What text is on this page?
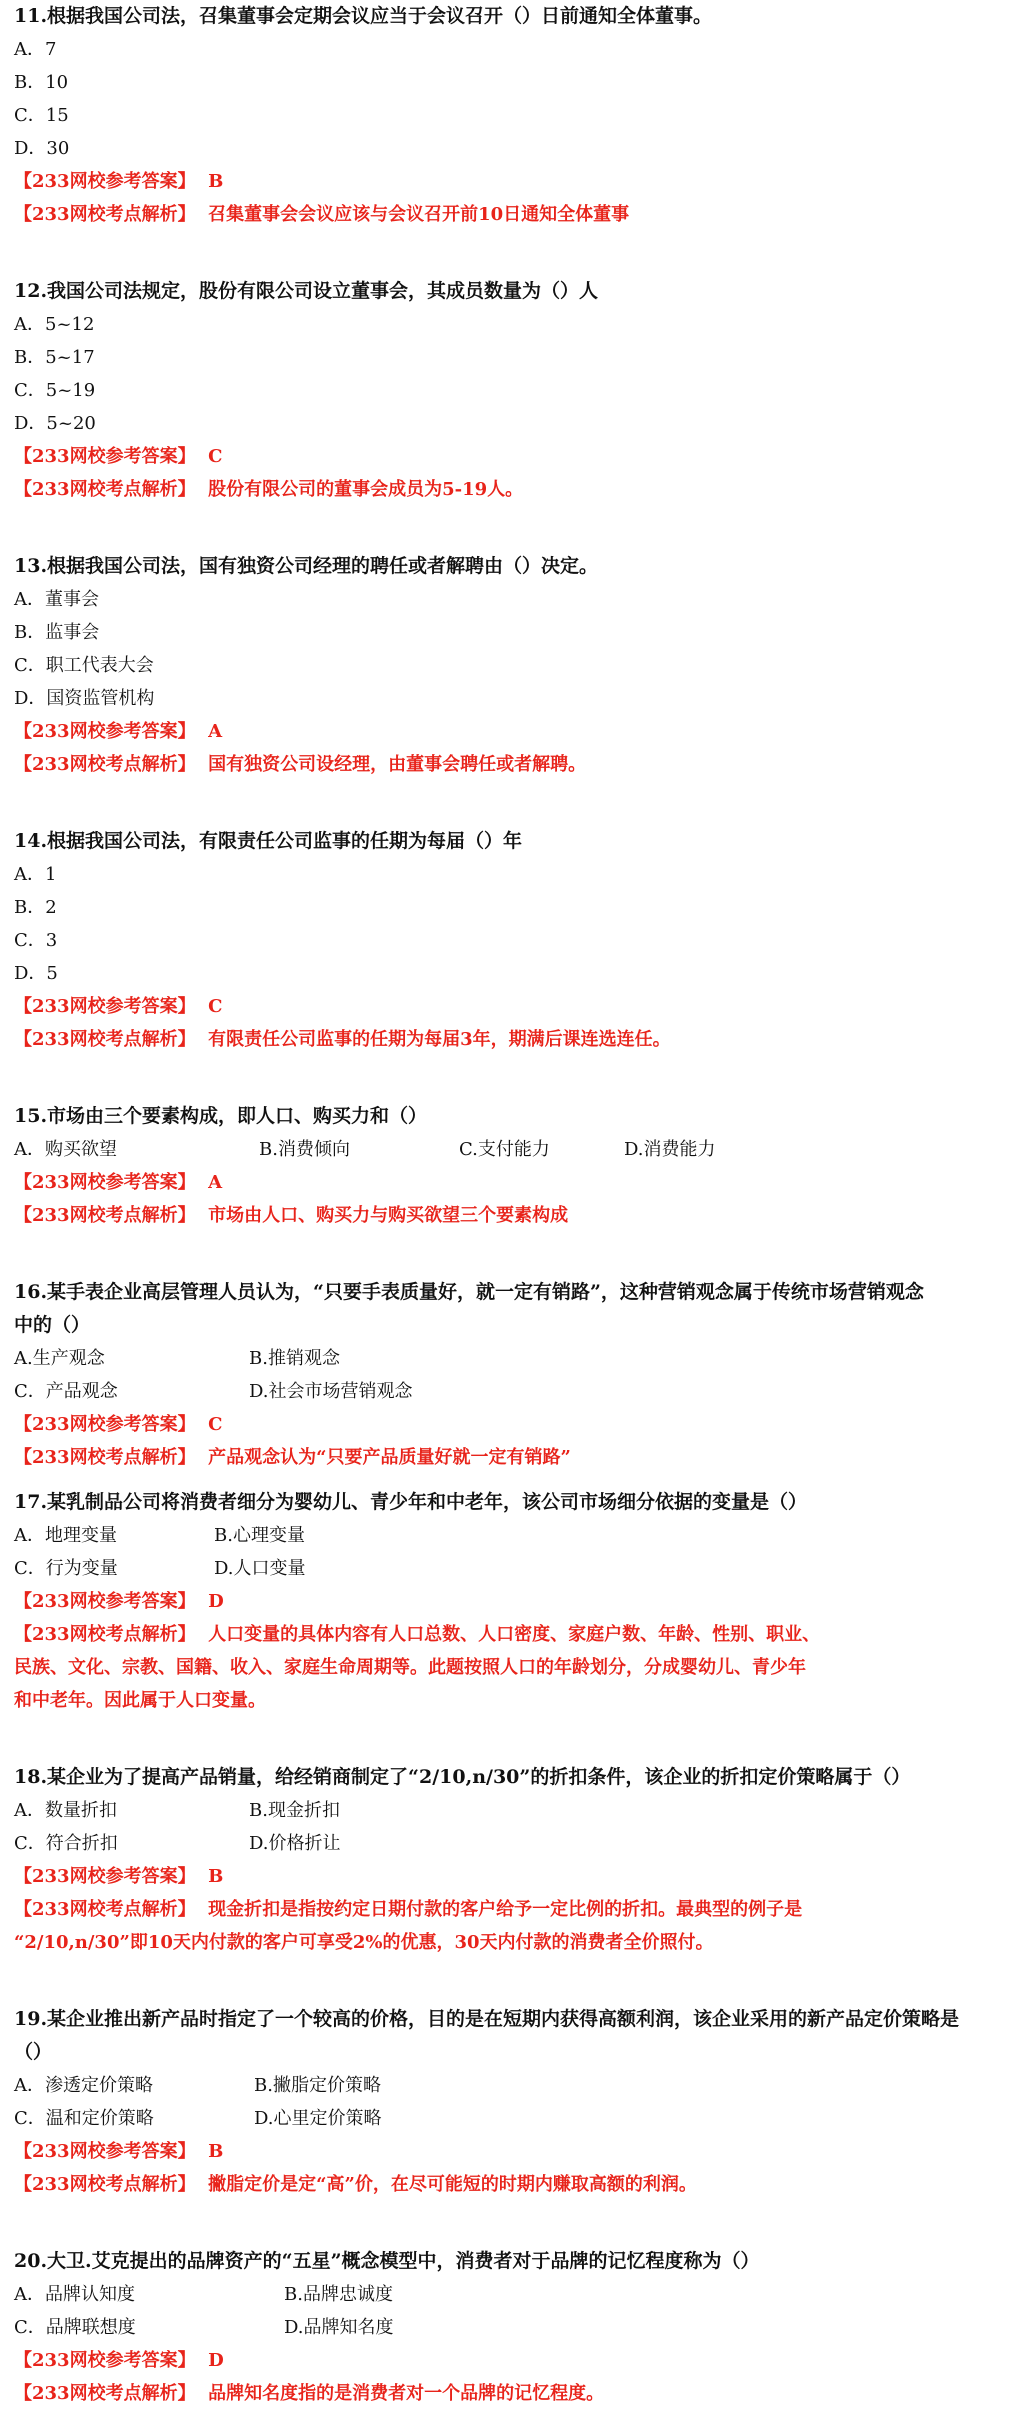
11.根据我国公司法，召集董事会定期会议应当于会议召开（）日前通知全体董事。

A．7

B．10

C．15

D．30

【233网校参考答案】 B

【233网校考点解析】 召集董事会会议应该与会议召开前10日通知全体董事

12.我国公司法规定，股份有限公司设立董事会，其成员数量为（）人

A．5~12

B．5~17

C．5~19

D．5~20

【233网校参考答案】 C

【233网校考点解析】 股份有限公司的董事会成员为5-19人。

13.根据我国公司法，国有独资公司经理的聘任或者解聘由（）决定。

A．董事会

B．监事会

C．职工代表大会

D．国资监管机构

【233网校参考答案】 A

【233网校考点解析】 国有独资公司设经理，由董事会聘任或者解聘。

14.根据我国公司法，有限责任公司监事的任期为每届（）年

A．1

B．2

C．3

D．5

【233网校参考答案】 C

【233网校考点解析】 有限责任公司监事的任期为每届3年，期满后课连选连任。

15.市场由三个要素构成，即人口、购买力和（）

A．购买欲望	B.消费倾向	C.支付能力	D.消费能力

【233网校参考答案】 A

【233网校考点解析】 市场由人口、购买力与购买欲望三个要素构成

16.某手表企业高层管理人员认为，“只要手表质量好，就一定有销路”，这种营销观念属于传统市场营销观念中的（）

A.生产观念	B.推销观念
C．产品观念	D.社会市场营销观念

【233网校参考答案】 C

【233网校考点解析】 产品观念认为“只要产品质量好就一定有销路”

17.某乳制品公司将消费者细分为婴幼儿、青少年和中老年，该公司市场细分依据的变量是（）

A．地理变量	B.心理变量
C．行为变量	D.人口变量

【233网校参考答案】 D

【233网校考点解析】 人口变量的具体内容有人口总数、人口密度、家庭户数、年龄、性别、职业、

民族、文化、宗教、国籍、收入、家庭生命周期等。此题按照人口的年龄划分，分成婴幼儿、青少年

和中老年。因此属于人口变量。

18.某企业为了提高产品销量，给经销商制定了“2/10,n/30”的折扣条件，该企业的折扣定价策略属于（）

A．数量折扣	B.现金折扣
C．符合折扣	D.价格折让

【233网校参考答案】 B

【233网校考点解析】 现金折扣是指按约定日期付款的客户给予一定比例的折扣。最典型的例子是

“2/10,n/30”即10天内付款的客户可享受2%的优惠，30天内付款的消费者全价照付。

19.某企业推出新产品时指定了一个较高的价格，目的是在短期内获得高额利润，该企业采用的新产品定价策略是（）

A．渗透定价策略	B.撇脂定价策略
C．温和定价策略	D.心里定价策略

【233网校参考答案】 B

【233网校考点解析】 撇脂定价是定“高”价，在尽可能短的时期内赚取高额的利润。

20.大卫.艾克提出的品牌资产的“五星”概念模型中，消费者对于品牌的记忆程度称为（）

A．品牌认知度	B.品牌忠诚度
C．品牌联想度	D.品牌知名度

【233网校参考答案】 D

【233网校考点解析】 品牌知名度指的是消费者对一个品牌的记忆程度。
